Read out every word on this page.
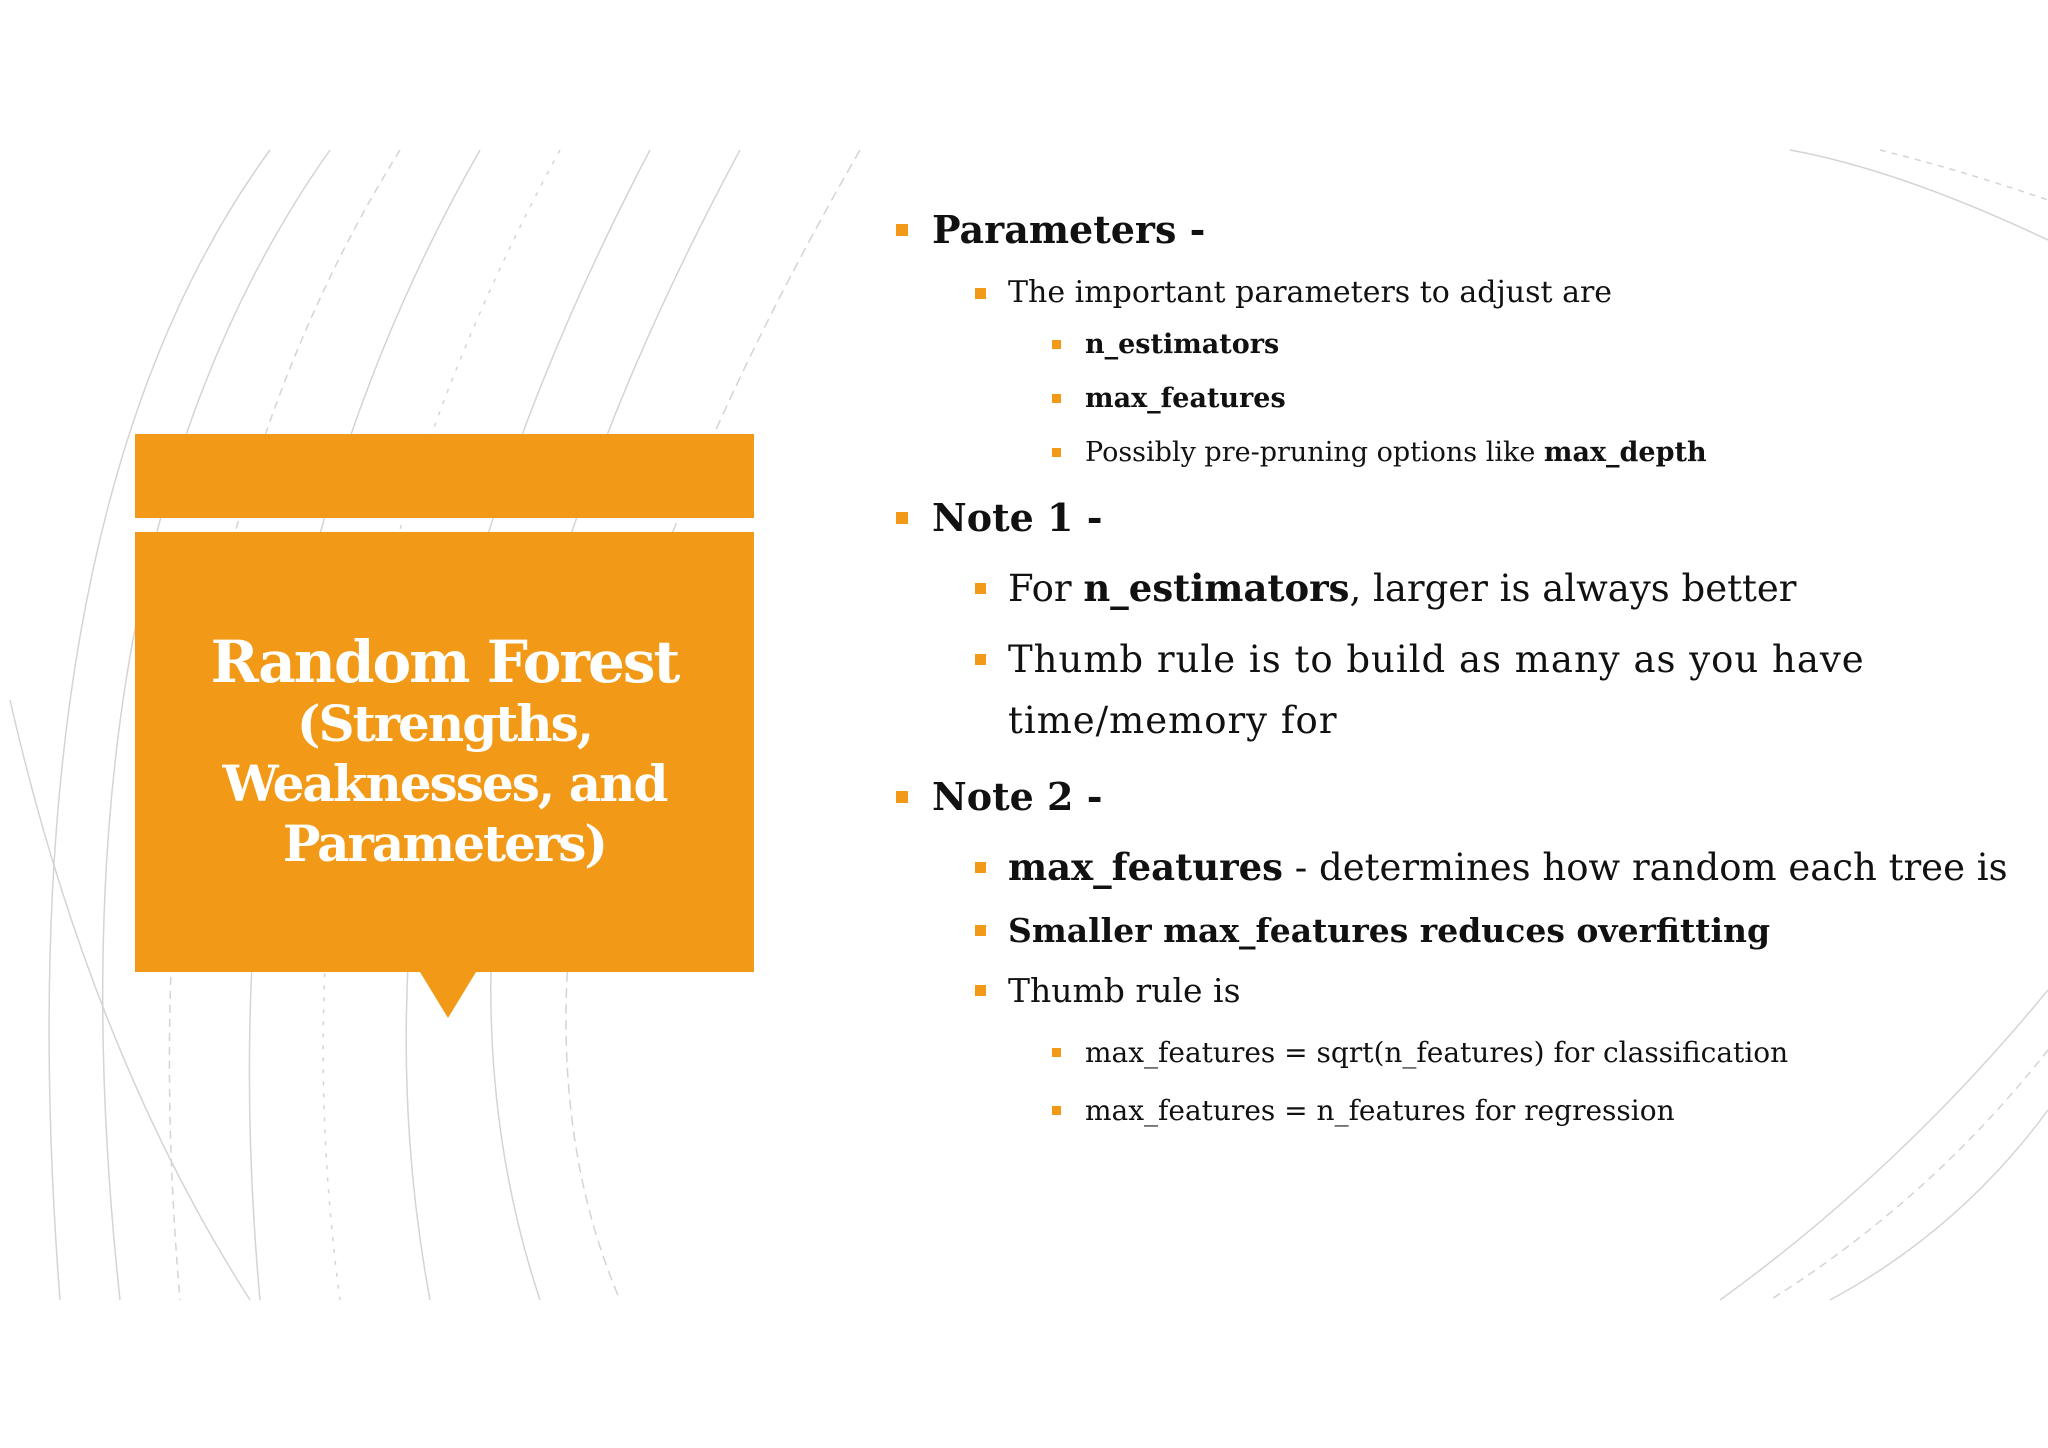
Random Forest
(Strengths,
Weaknesses, and
Parameters)
Parameters -
The important parameters to adjust are
n_estimators
max_features
Possibly pre-pruning options like max_depth
Note 1 -
For n_estimators, larger is always better
Thumb rule is to build as many as you have time/memory for
Note 2 -
max_features - determines how random each tree is
Smaller max_features reduces overfitting
Thumb rule is
max_features = sqrt(n_features) for classification
max_features = n_features for regression
